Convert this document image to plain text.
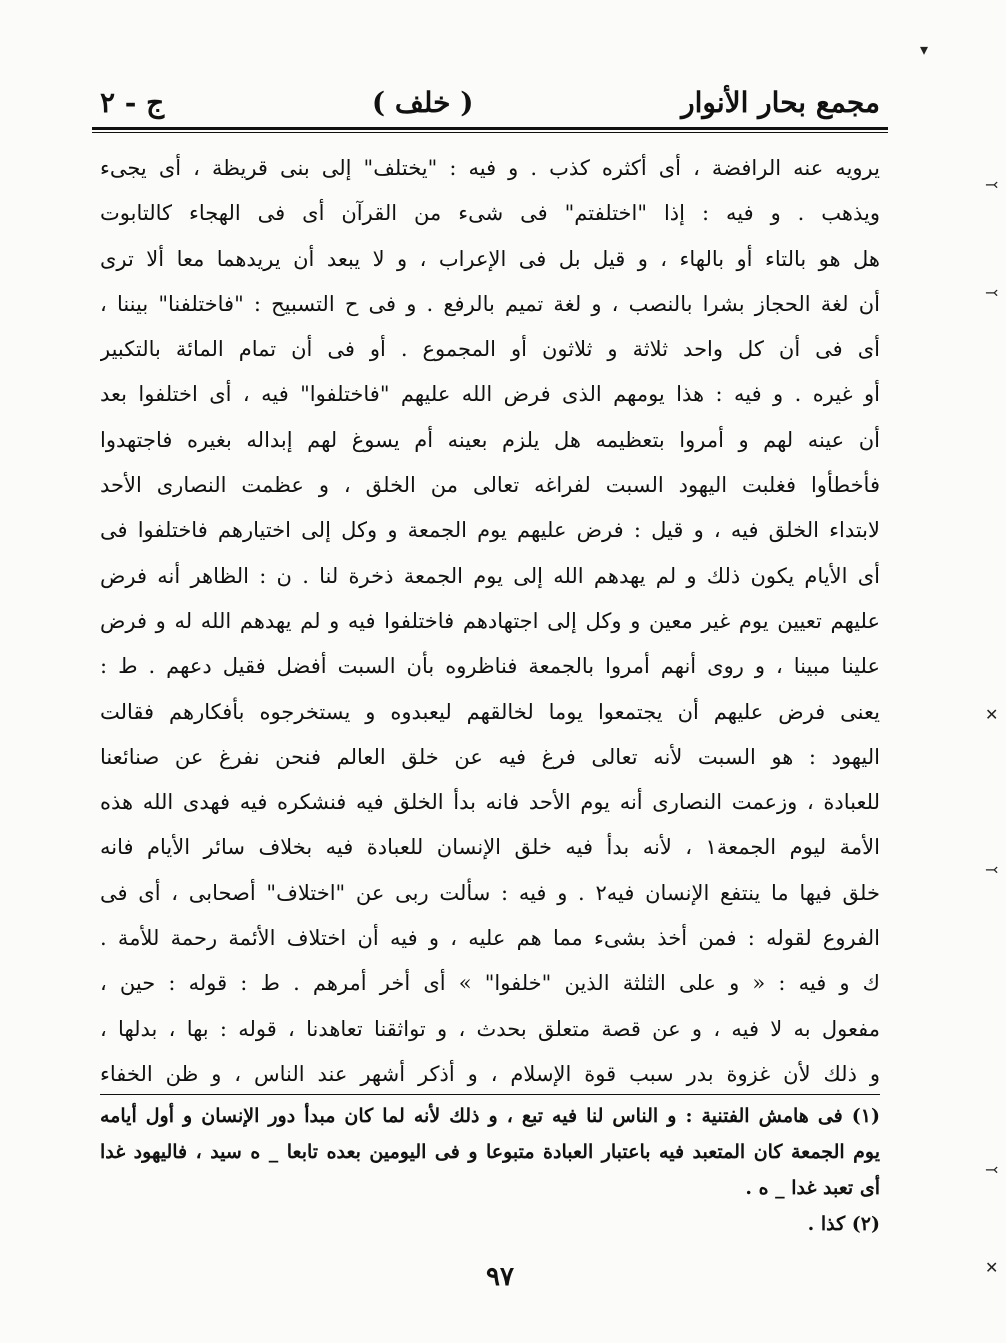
مجمع بحار الأنوار
( خلف )
ج - ٢
يرويه عنه الرافضة ، أى أكثره كذب . و فيه : "يختلف" إلى بنى قريظة ، أى يجىء
ويذهب . و فيه : إذا "اختلفتم" فى شىء من القرآن أى فى الهجاء كالتابوت
هل هو بالتاء أو بالهاء ، و قيل بل فى الإعراب ، و لا يبعد أن يريدهما معا ألا ترى
أن لغة الحجاز بشرا بالنصب ، و لغة تميم بالرفع . و فى ح التسبيح : "فاختلفنا" بيننا ،
أى فى أن كل واحد ثلاثة و ثلاثون أو المجموع . أو فى أن تمام المائة بالتكبير
أو غيره . و فيه : هذا يومهم الذى فرض الله عليهم "فاختلفوا" فيه ، أى اختلفوا بعد
أن عينه لهم و أمروا بتعظيمه هل يلزم بعينه أم يسوغ لهم إبداله بغيره فاجتهدوا
فأخطأوا فغلبت اليهود السبت لفراغه تعالى من الخلق ، و عظمت النصارى الأحد
لابتداء الخلق فيه ، و قيل : فرض عليهم يوم الجمعة و وكل إلى اختيارهم فاختلفوا فى
أى الأيام يكون ذلك و لم يهدهم الله إلى يوم الجمعة ذخرة لنا . ن : الظاهر أنه فرض
عليهم تعيين يوم غير معين و وكل إلى اجتهادهم فاختلفوا فيه و لم يهدهم الله له و فرض
علينا مبينا ، و روى أنهم أمروا بالجمعة فناظروه بأن السبت أفضل فقيل دعهم . ط :
يعنى فرض عليهم أن يجتمعوا يوما لخالقهم ليعبدوه و يستخرجوه بأفكارهم فقالت
اليهود : هو السبت لأنه تعالى فرغ فيه عن خلق العالم فنحن نفرغ عن صنائعنا
للعبادة ، وزعمت النصارى أنه يوم الأحد فانه بدأ الخلق فيه فنشكره فيه فهدى الله هذه
الأمة ليوم الجمعة١ ، لأنه بدأ فيه خلق الإنسان للعبادة فيه بخلاف سائر الأيام فانه
خلق فيها ما ينتفع الإنسان فيه٢ . و فيه : سألت ربى عن "اختلاف" أصحابى ، أى فى
الفروع لقوله : فمن أخذ بشىء مما هم عليه ، و فيه أن اختلاف الأئمة رحمة للأمة .
ك و فيه : « و على الثلثة الذين "خلفوا" » أى أخر أمرهم . ط : قوله : حين ،
مفعول به لا فيه ، و عن قصة متعلق بحدث ، و تواثقنا تعاهدنا ، قوله : بها ، بدلها ،
و ذلك لأن غزوة بدر سبب قوة الإسلام ، و أذكر أشهر عند الناس ، و ظن الخفاء
(١) فى هامش الفتنية : و الناس لنا فيه تبع ، و ذلك لأنه لما كان مبدأ دور الإنسان و أول أيامه
يوم الجمعة كان المتعبد فيه باعتبار العبادة متبوعا و فى اليومين بعده تابعا _ ه سيد ، فاليهود غدا
أى تعبد غدا _ ه .
(٢) كذا .
٩٧
▾
⤙
⤙
✕
⤙
⤙
✕
